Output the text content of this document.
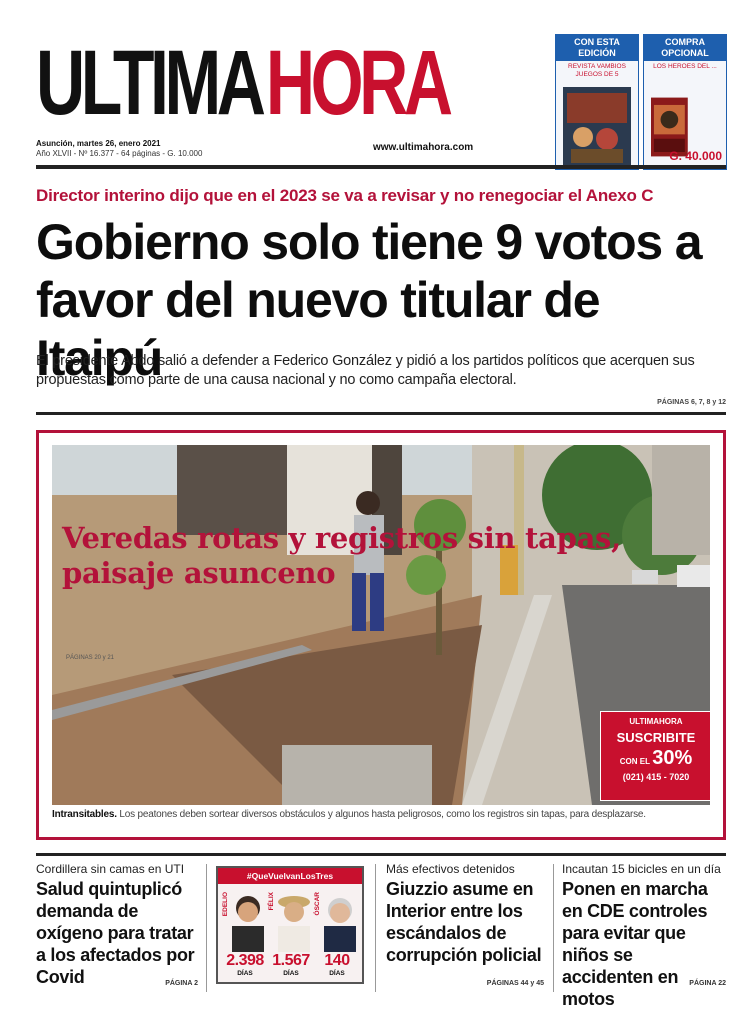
ULTIMAHORA
Asunción, martes 26, enero 2021
Año XLVII - Nº 16.377 - 64 páginas - G. 10.000
www.ultimahora.com
CON ESTA EDICIÓN
REVISTA VAMBIOS JUEGOS DE 5
COMPRA OPCIONAL
LOS HEROES DEL ...
G. 40.000
Director interino dijo que en el 2023 se va a revisar y no renegociar el Anexo C
Gobierno solo tiene 9 votos a favor del nuevo titular de Itaipú

El presidente Abdo salió a defender a Federico González y pidió a los partidos políticos que acerquen sus propuestas como parte de una causa nacional y no como campaña electoral.

PÁGINAS 6, 7, 8 y 12
Veredas rotas y registros sin tapas, paisaje asunceno
PÁGINAS 20 y 21
ULTIMAHORA
SUSCRIBITE
CON EL 30%
(021) 415 - 7020
Intransitables. Los peatones deben sortear diversos obstáculos y algunos hasta peligrosos, como los registros sin tapas, para desplazarse.
Cordillera sin camas en UTI
Salud quintuplicó demanda de oxígeno para tratar a los afectados por Covid	PÁGINA 2
#QueVuelvanLosTres
EDELIO
2.398
DÍAS
FÉLIX
1.567
DÍAS
ÓSCAR
140
DÍAS
Más efectivos detenidos
Giuzzio asume en Interior entre los escándalos de corrupción policial
PÁGINAS 44 y 45
Incautan 15 bicicles en un día
Ponen en marcha en CDE controles para evitar que niños se accidenten en motos
PÁGINA 22
